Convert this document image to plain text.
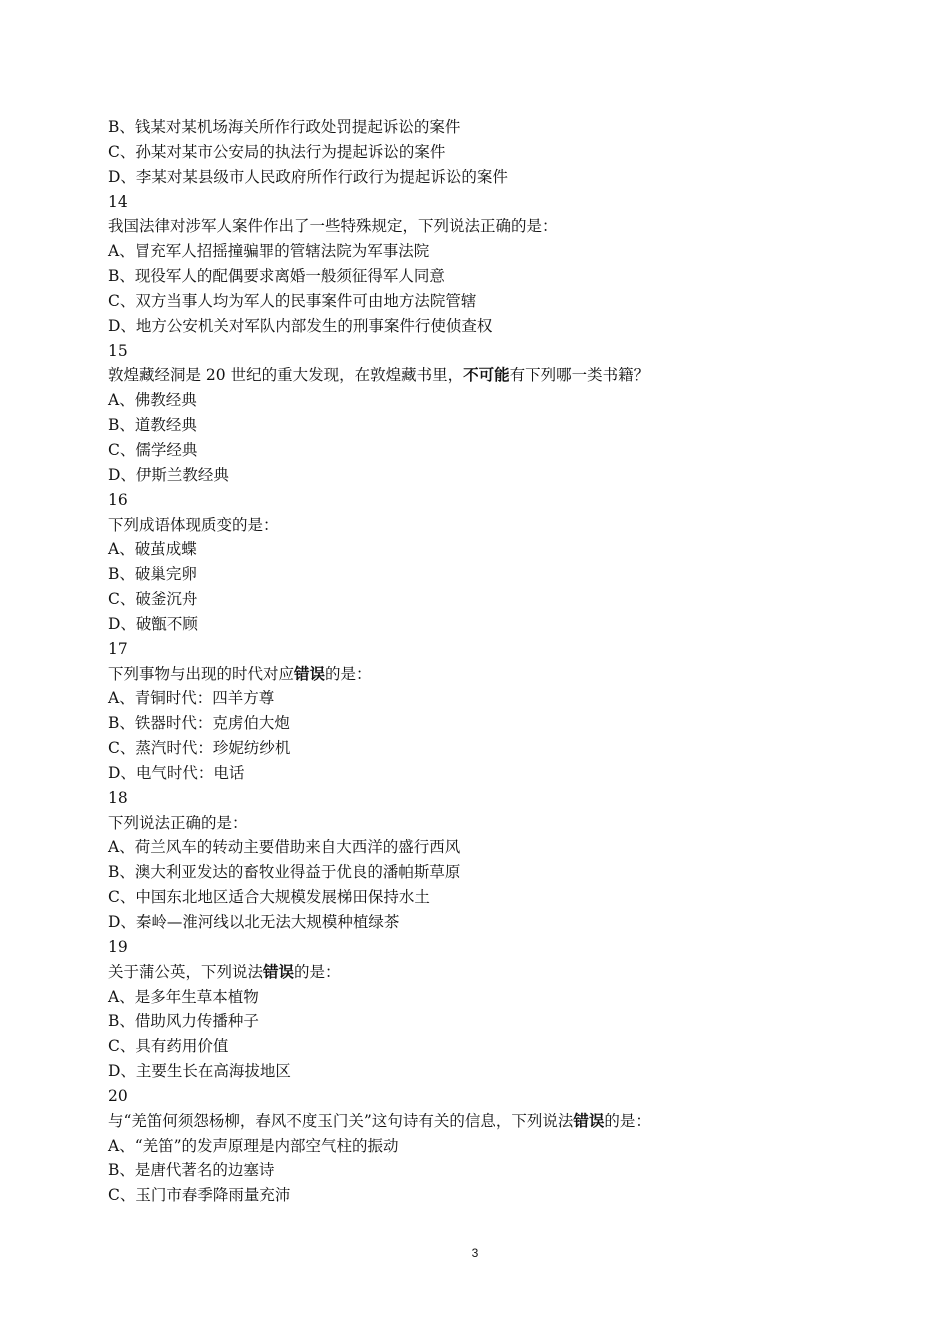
B、钱某对某机场海关所作行政处罚提起诉讼的案件
C、孙某对某市公安局的执法行为提起诉讼的案件
D、李某对某县级市人民政府所作行政行为提起诉讼的案件
14
我国法律对涉军人案件作出了一些特殊规定，下列说法正确的是：
A、冒充军人招摇撞骗罪的管辖法院为军事法院
B、现役军人的配偶要求离婚一般须征得军人同意
C、双方当事人均为军人的民事案件可由地方法院管辖
D、地方公安机关对军队内部发生的刑事案件行使侦查权
15
敦煌藏经洞是 20 世纪的重大发现，在敦煌藏书里，不可能有下列哪一类书籍？
A、佛教经典
B、道教经典
C、儒学经典
D、伊斯兰教经典
16
下列成语体现质变的是：
A、破茧成蝶
B、破巢完卵
C、破釜沉舟
D、破甑不顾
17
下列事物与出现的时代对应错误的是：
A、青铜时代：四羊方尊
B、铁器时代：克虏伯大炮
C、蒸汽时代：珍妮纺纱机
D、电气时代：电话
18
下列说法正确的是：
A、荷兰风车的转动主要借助来自大西洋的盛行西风
B、澳大利亚发达的畜牧业得益于优良的潘帕斯草原
C、中国东北地区适合大规模发展梯田保持水土
D、秦岭—淮河线以北无法大规模种植绿茶
19
关于蒲公英，下列说法错误的是：
A、是多年生草本植物
B、借助风力传播种子
C、具有药用价值
D、主要生长在高海拔地区
20
与“羌笛何须怨杨柳，春风不度玉门关”这句诗有关的信息，下列说法错误的是：
A、“羌笛”的发声原理是内部空气柱的振动
B、是唐代著名的边塞诗
C、玉门市春季降雨量充沛
3
